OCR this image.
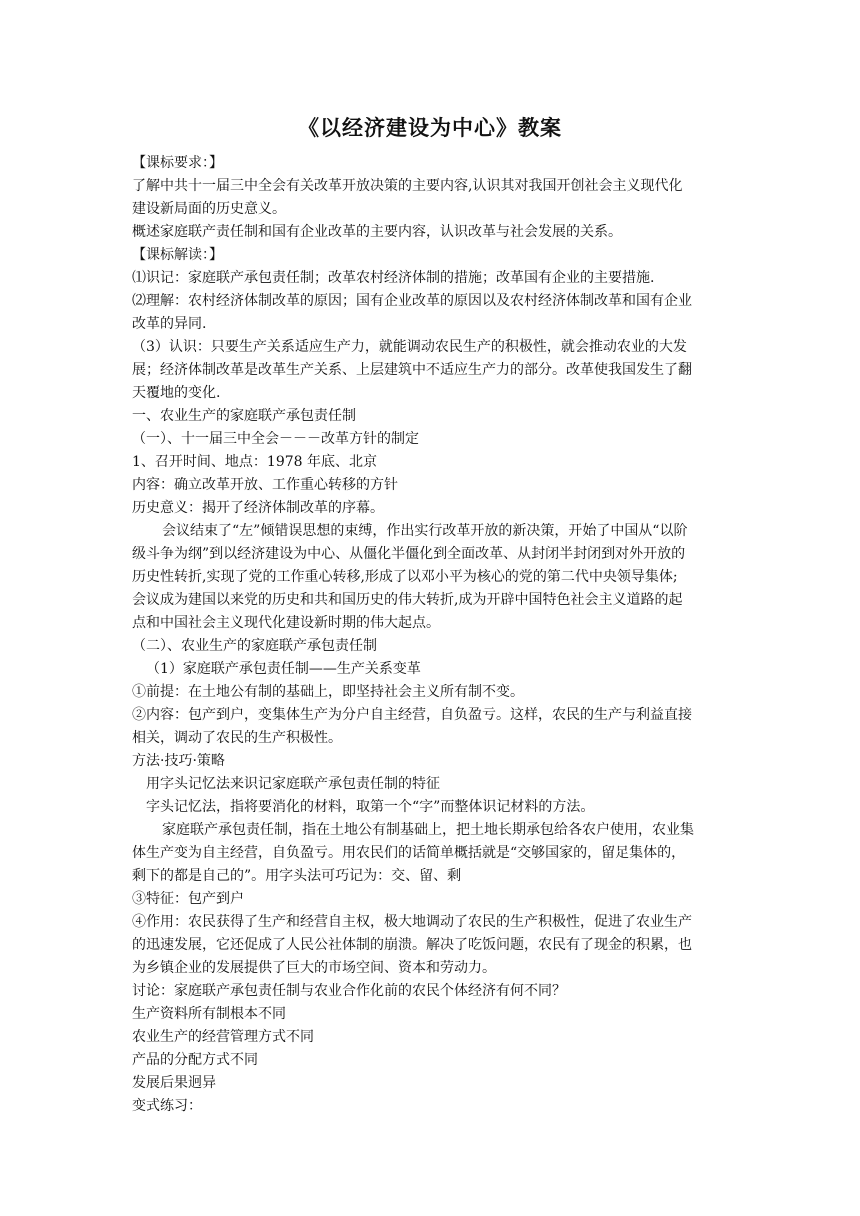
《以经济建设为中心》教案
【课标要求：】
了解中共十一届三中全会有关改革开放决策的主要内容,认识其对我国开创社会主义现代化
建设新局面的历史意义。
概述家庭联产责任制和国有企业改革的主要内容，认识改革与社会发展的关系。
【课标解读：】
⑴识记：家庭联产承包责任制；改革农村经济体制的措施；改革国有企业的主要措施.
⑵理解：农村经济体制改革的原因；国有企业改革的原因以及农村经济体制改革和国有企业
改革的异同.
（3）认识：只要生产关系适应生产力，就能调动农民生产的积极性，就会推动农业的大发
展；经济体制改革是改革生产关系、上层建筑中不适应生产力的部分。改革使我国发生了翻
天覆地的变化.
一、农业生产的家庭联产承包责任制
（一）、十一届三中全会－－－改革方针的制定
1、召开时间、地点：1978 年底、北京
内容：确立改革开放、工作重心转移的方针
历史意义：揭开了经济体制改革的序幕。
会议结束了“左”倾错误思想的束缚，作出实行改革开放的新决策，开始了中国从“以阶
级斗争为纲”到以经济建设为中心、从僵化半僵化到全面改革、从封闭半封闭到对外开放的
历史性转折,实现了党的工作重心转移,形成了以邓小平为核心的党的第二代中央领导集体;
会议成为建国以来党的历史和共和国历史的伟大转折,成为开辟中国特色社会主义道路的起
点和中国社会主义现代化建设新时期的伟大起点。
（二）、农业生产的家庭联产承包责任制
（1）家庭联产承包责任制——生产关系变革
①前提：在土地公有制的基础上，即坚持社会主义所有制不变。
②内容：包产到户，变集体生产为分户自主经营，自负盈亏。这样，农民的生产与利益直接
相关，调动了农民的生产积极性。
方法·技巧·策略
用字头记忆法来识记家庭联产承包责任制的特征
字头记忆法，指将要消化的材料，取第一个“字”而整体识记材料的方法。
家庭联产承包责任制，指在土地公有制基础上，把土地长期承包给各农户使用，农业集
体生产变为自主经营，自负盈亏。用农民们的话简单概括就是“交够国家的，留足集体的，
剩下的都是自己的”。用字头法可巧记为：交、留、剩
③特征：包产到户
④作用：农民获得了生产和经营自主权，极大地调动了农民的生产积极性，促进了农业生产
的迅速发展，它还促成了人民公社体制的崩溃。解决了吃饭问题，农民有了现金的积累，也
为乡镇企业的发展提供了巨大的市场空间、资本和劳动力。
讨论：家庭联产承包责任制与农业合作化前的农民个体经济有何不同？
生产资料所有制根本不同
农业生产的经营管理方式不同
产品的分配方式不同
发展后果迥异
变式练习：
